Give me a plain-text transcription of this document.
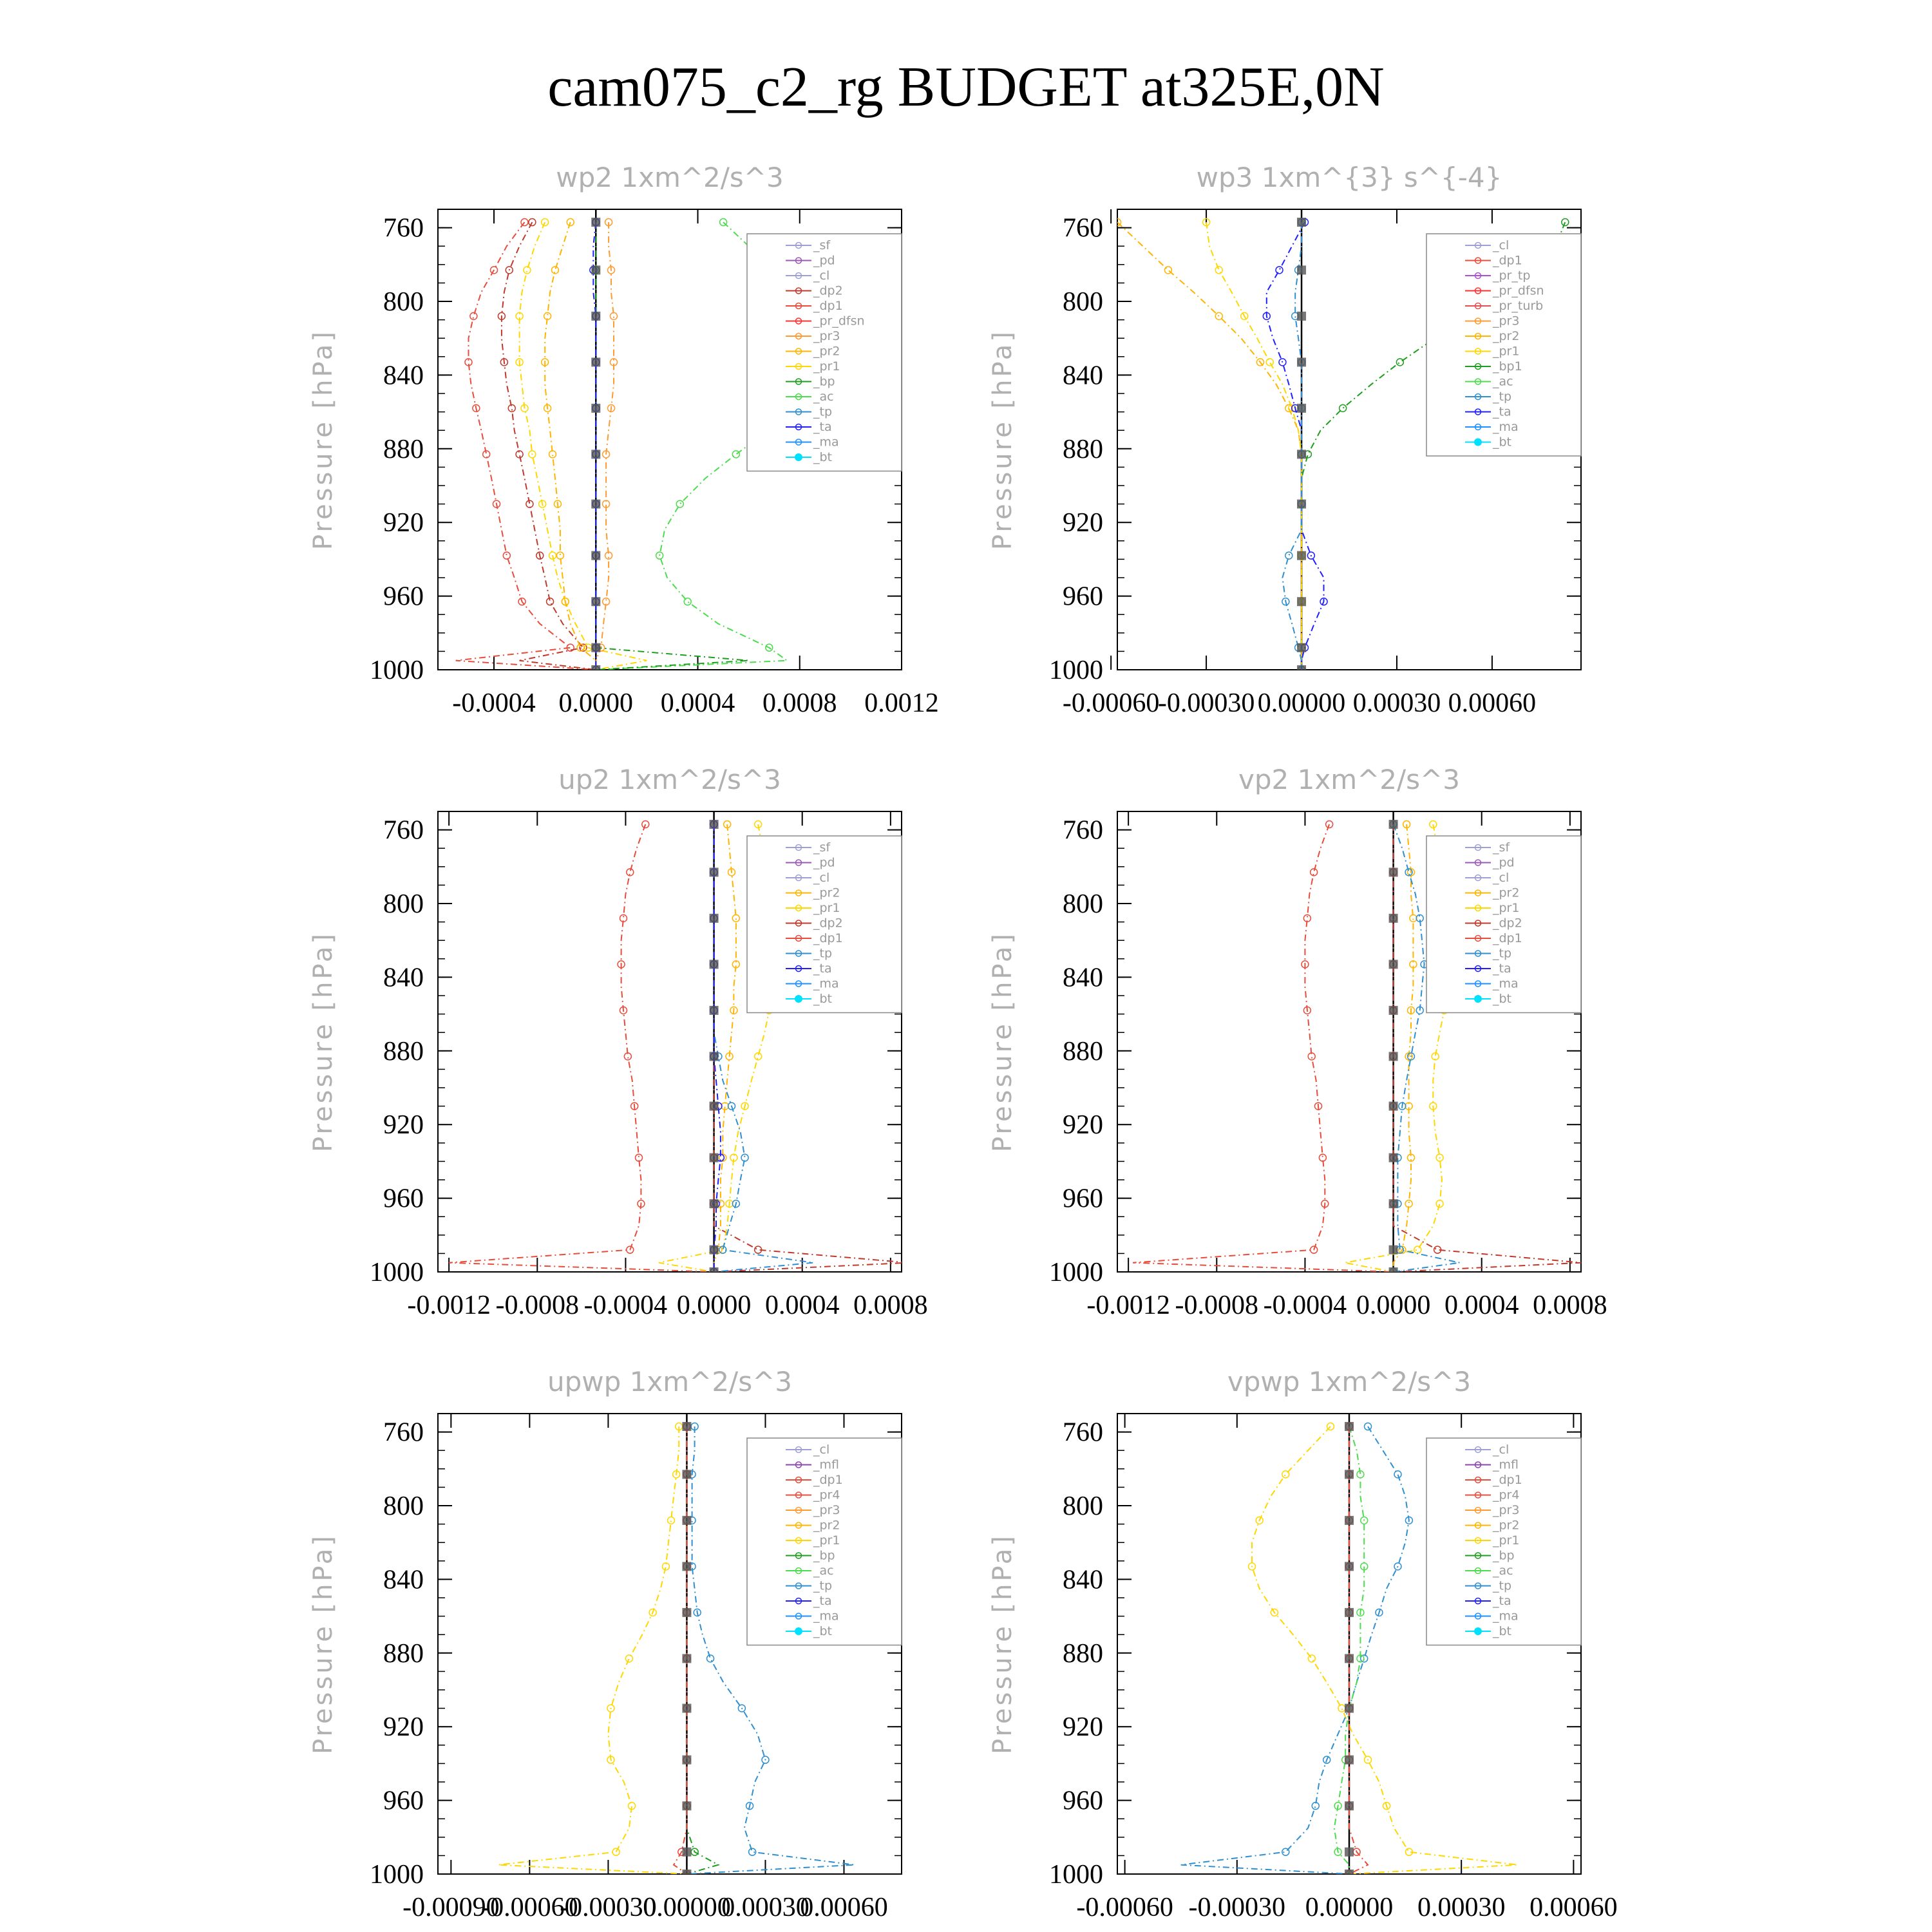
cam075_c2_rg BUDGET at325E,0N
wp2 1xm^2/s^3
760
800
840
880
920
960
1000
Pressure [hPa]
-0.0004 0.0000 0.0004 0.0008 0.0012
_sf
_pd
_cl
_dp2
_dp1
_pr_dfsn
_pr3
_pr2
_pr1
_bp
_ac
_tp
_ta
_ma
_bt
wp3 1xm^{3} s^{-4}
760
800
840
880
920
960
1000
Pressure [hPa]
-0.00060
-0.00030 0.00000 0.00030 0.00060
_cl
_dp1
_pr_tp
_pr_dfsn
_pr_turb
_pr3
_pr2
_pr1
_bp1
_ac
_tp
_ta
_ma
_bt
up2 1xm^2/s^3
760
800
840
880
920
960
1000
Pressure [hPa]
-0.0012 -0.0008 -0.0004 0.0000 0.0004 0.0008
_sf
_pd
_cl
_pr2
_pr1
_dp2
_dp1
_tp
_ta
_ma
_bt
vp2 1xm^2/s^3
760
800
840
880
920
960
1000
Pressure [hPa]
-0.0012 -0.0008 -0.0004 0.0000 0.0004 0.0008
_sf
_pd
_cl
_pr2
_pr1
_dp2
_dp1
_tp
_ta
_ma
_bt
upwp 1xm^2/s^3
760
800
840
880
920
960
1000
Pressure [hPa]
-0.00090
-0.00060
-0.00030
0.00000
0.00030
0.00060
_cl
_mfl
_dp1
_pr4
_pr3
_pr2
_pr1
_bp
_ac
_tp
_ta
_ma
_bt
vpwp 1xm^2/s^3
760
800
840
880
920
960
1000
Pressure [hPa]
-0.00060 -0.00030 0.00000 0.00030 0.00060
_cl
_mfl
_dp1
_pr4
_pr3
_pr2
_pr1
_bp
_ac
_tp
_ta
_ma
_bt
